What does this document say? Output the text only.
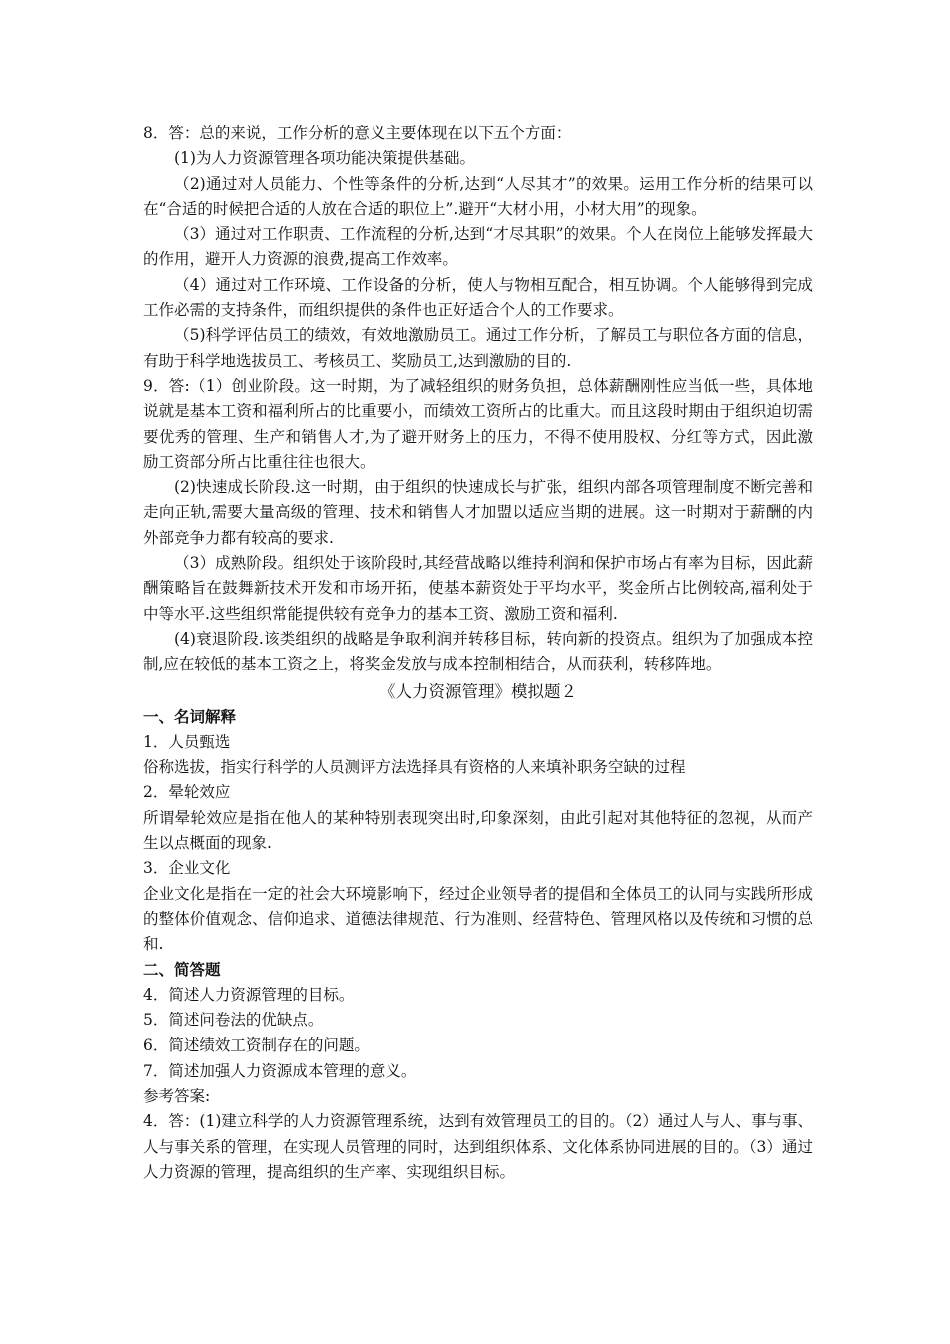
8．答：总的来说，工作分析的意义主要体现在以下五个方面：

(1)为人力资源管理各项功能决策提供基础。

（2)通过对人员能力、个性等条件的分析,达到“人尽其才”的效果。运用工作分析的结果可以在“合适的时候把合适的人放在合适的职位上”.避开“大材小用，小材大用”的现象。

（3）通过对工作职责、工作流程的分析,达到“才尽其职”的效果。个人在岗位上能够发挥最大的作用，避开人力资源的浪费,提高工作效率。

（4）通过对工作环境、工作设备的分析，使人与物相互配合，相互协调。个人能够得到完成工作必需的支持条件，而组织提供的条件也正好适合个人的工作要求。

（5)科学评估员工的绩效，有效地激励员工。通过工作分析，了解员工与职位各方面的信息，有助于科学地选拔员工、考核员工、奖励员工,达到激励的目的.

9．答:（1）创业阶段。这一时期，为了减轻组织的财务负担，总体薪酬刚性应当低一些，具体地说就是基本工资和福利所占的比重要小，而绩效工资所占的比重大。而且这段时期由于组织迫切需要优秀的管理、生产和销售人才,为了避开财务上的压力，不得不使用股权、分红等方式，因此激励工资部分所占比重往往也很大。

(2)快速成长阶段.这一时期，由于组织的快速成长与扩张，组织内部各项管理制度不断完善和走向正轨,需要大量高级的管理、技术和销售人才加盟以适应当期的进展。这一时期对于薪酬的内外部竞争力都有较高的要求.

（3）成熟阶段。组织处于该阶段时,其经营战略以维持利润和保护市场占有率为目标，因此薪酬策略旨在鼓舞新技术开发和市场开拓，使基本薪资处于平均水平，奖金所占比例较高,福利处于中等水平.这些组织常能提供较有竞争力的基本工资、激励工资和福利.

(4)衰退阶段.该类组织的战略是争取利润并转移目标，转向新的投资点。组织为了加强成本控制,应在较低的基本工资之上，将奖金发放与成本控制相结合，从而获利，转移阵地。

《人力资源管理》模拟题２

一、名词解释

1．人员甄选

俗称选拔，指实行科学的人员测评方法选择具有资格的人来填补职务空缺的过程

2．晕轮效应

所谓晕轮效应是指在他人的某种特别表现突出时,印象深刻，由此引起对其他特征的忽视，从而产生以点概面的现象.

3．企业文化

企业文化是指在一定的社会大环境影响下，经过企业领导者的提倡和全体员工的认同与实践所形成的整体价值观念、信仰追求、道德法律规范、行为准则、经营特色、管理风格以及传统和习惯的总和.

二、简答题

4．简述人力资源管理的目标。

5．简述问卷法的优缺点。

6．简述绩效工资制存在的问题。

7．简述加强人力资源成本管理的意义。

参考答案:

4．答：(1)建立科学的人力资源管理系统，达到有效管理员工的目的。（2）通过人与人、事与事、人与事关系的管理，在实现人员管理的同时，达到组织体系、文化体系协同进展的目的。（3）通过人力资源的管理，提高组织的生产率、实现组织目标。
